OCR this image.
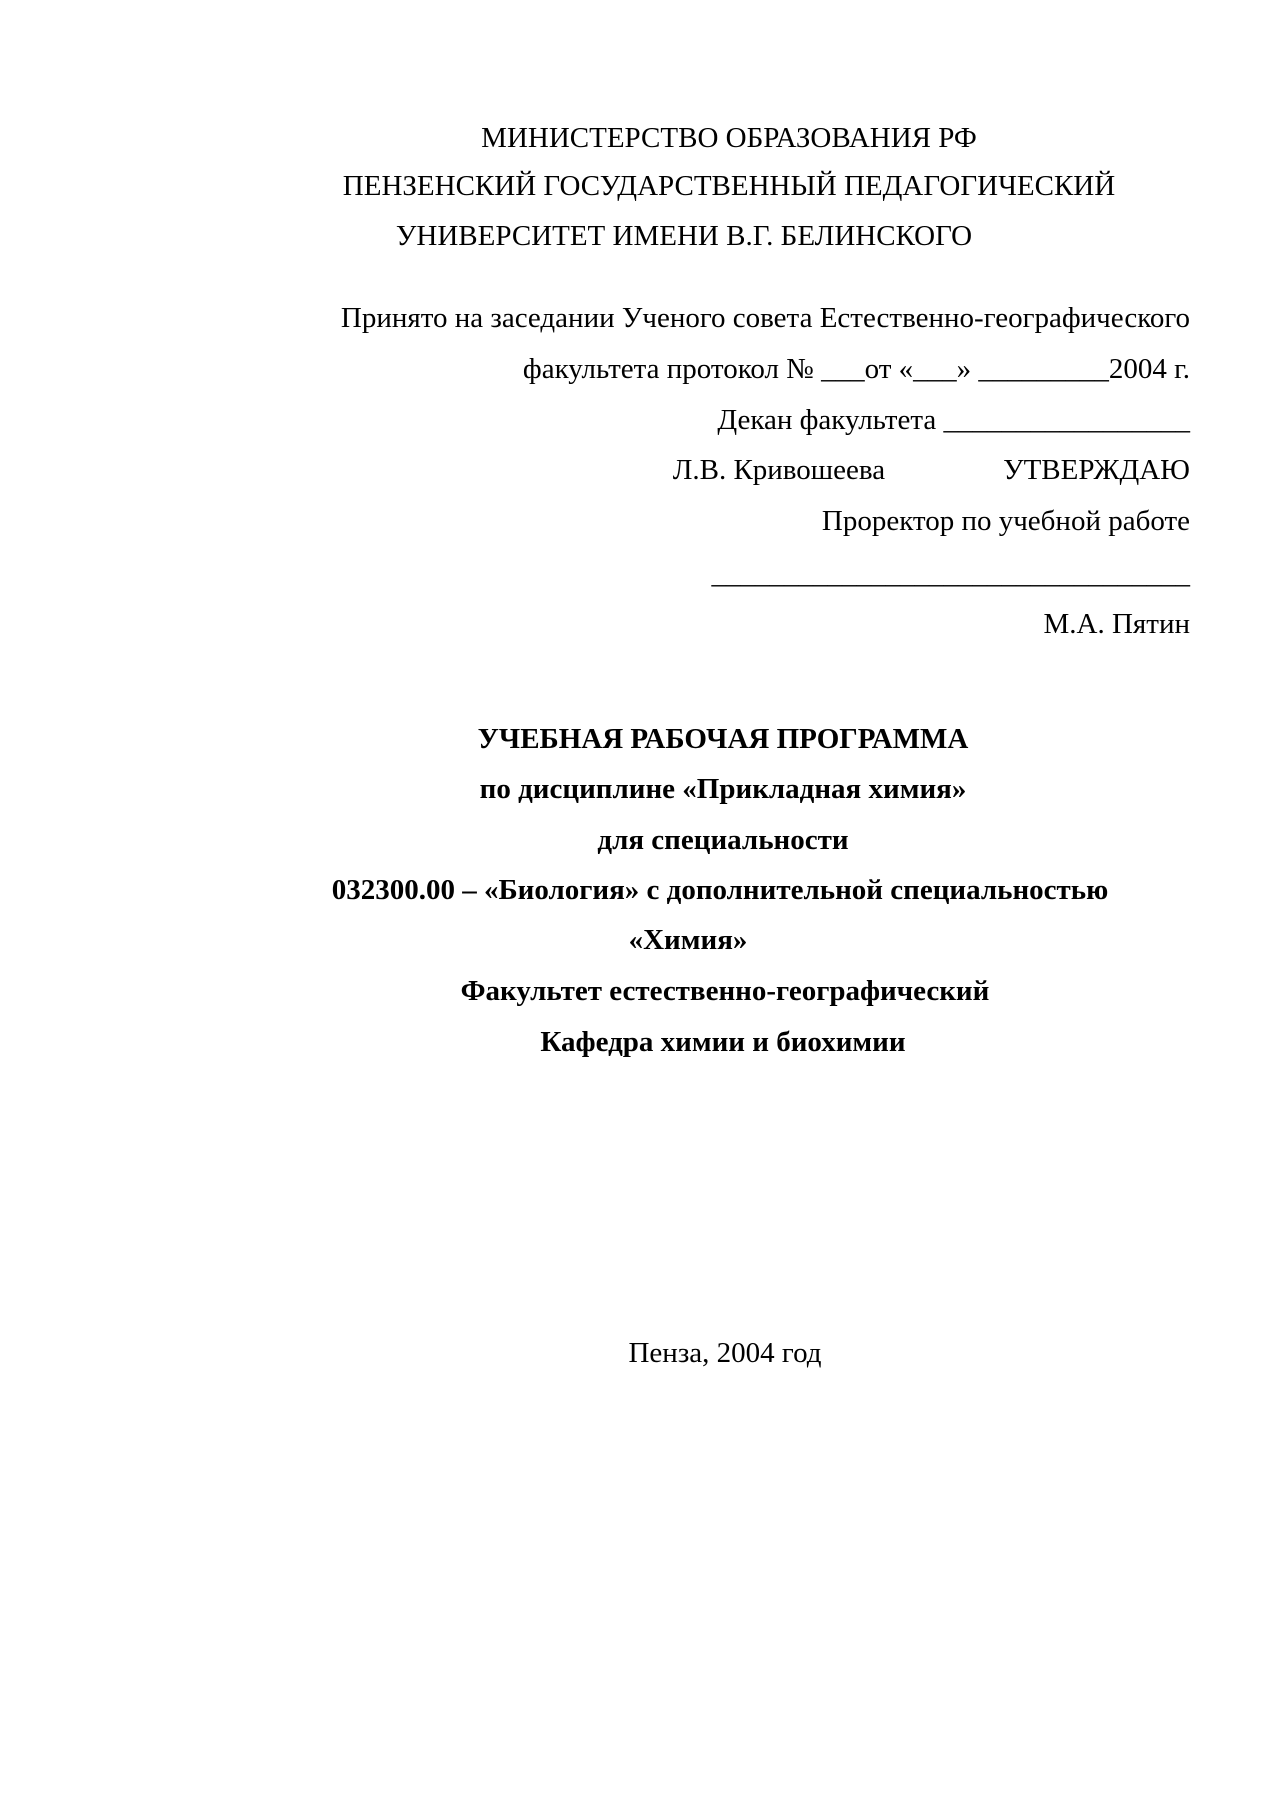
МИНИСТЕРСТВО ОБРАЗОВАНИЯ РФ
ПЕНЗЕНСКИЙ ГОСУДАРСТВЕННЫЙ ПЕДАГОГИЧЕСКИЙ
УНИВЕРСИТЕТ ИМЕНИ В.Г. БЕЛИНСКОГО
Принято на заседании Ученого совета Естественно-географического
факультета протокол № ___от «___» _________2004 г.
Декан факультета _________________
Л.В. Кривошеева	УТВЕРЖДАЮ
Проректор по учебной работе
_________________________________
М.А. Пятин
УЧЕБНАЯ РАБОЧАЯ ПРОГРАММА
по дисциплине «Прикладная химия»
для специальности
032300.00 – «Биология» с дополнительной специальностью
«Химия»
Факультет естественно-географический
Кафедра химии и биохимии
Пенза, 2004 год
